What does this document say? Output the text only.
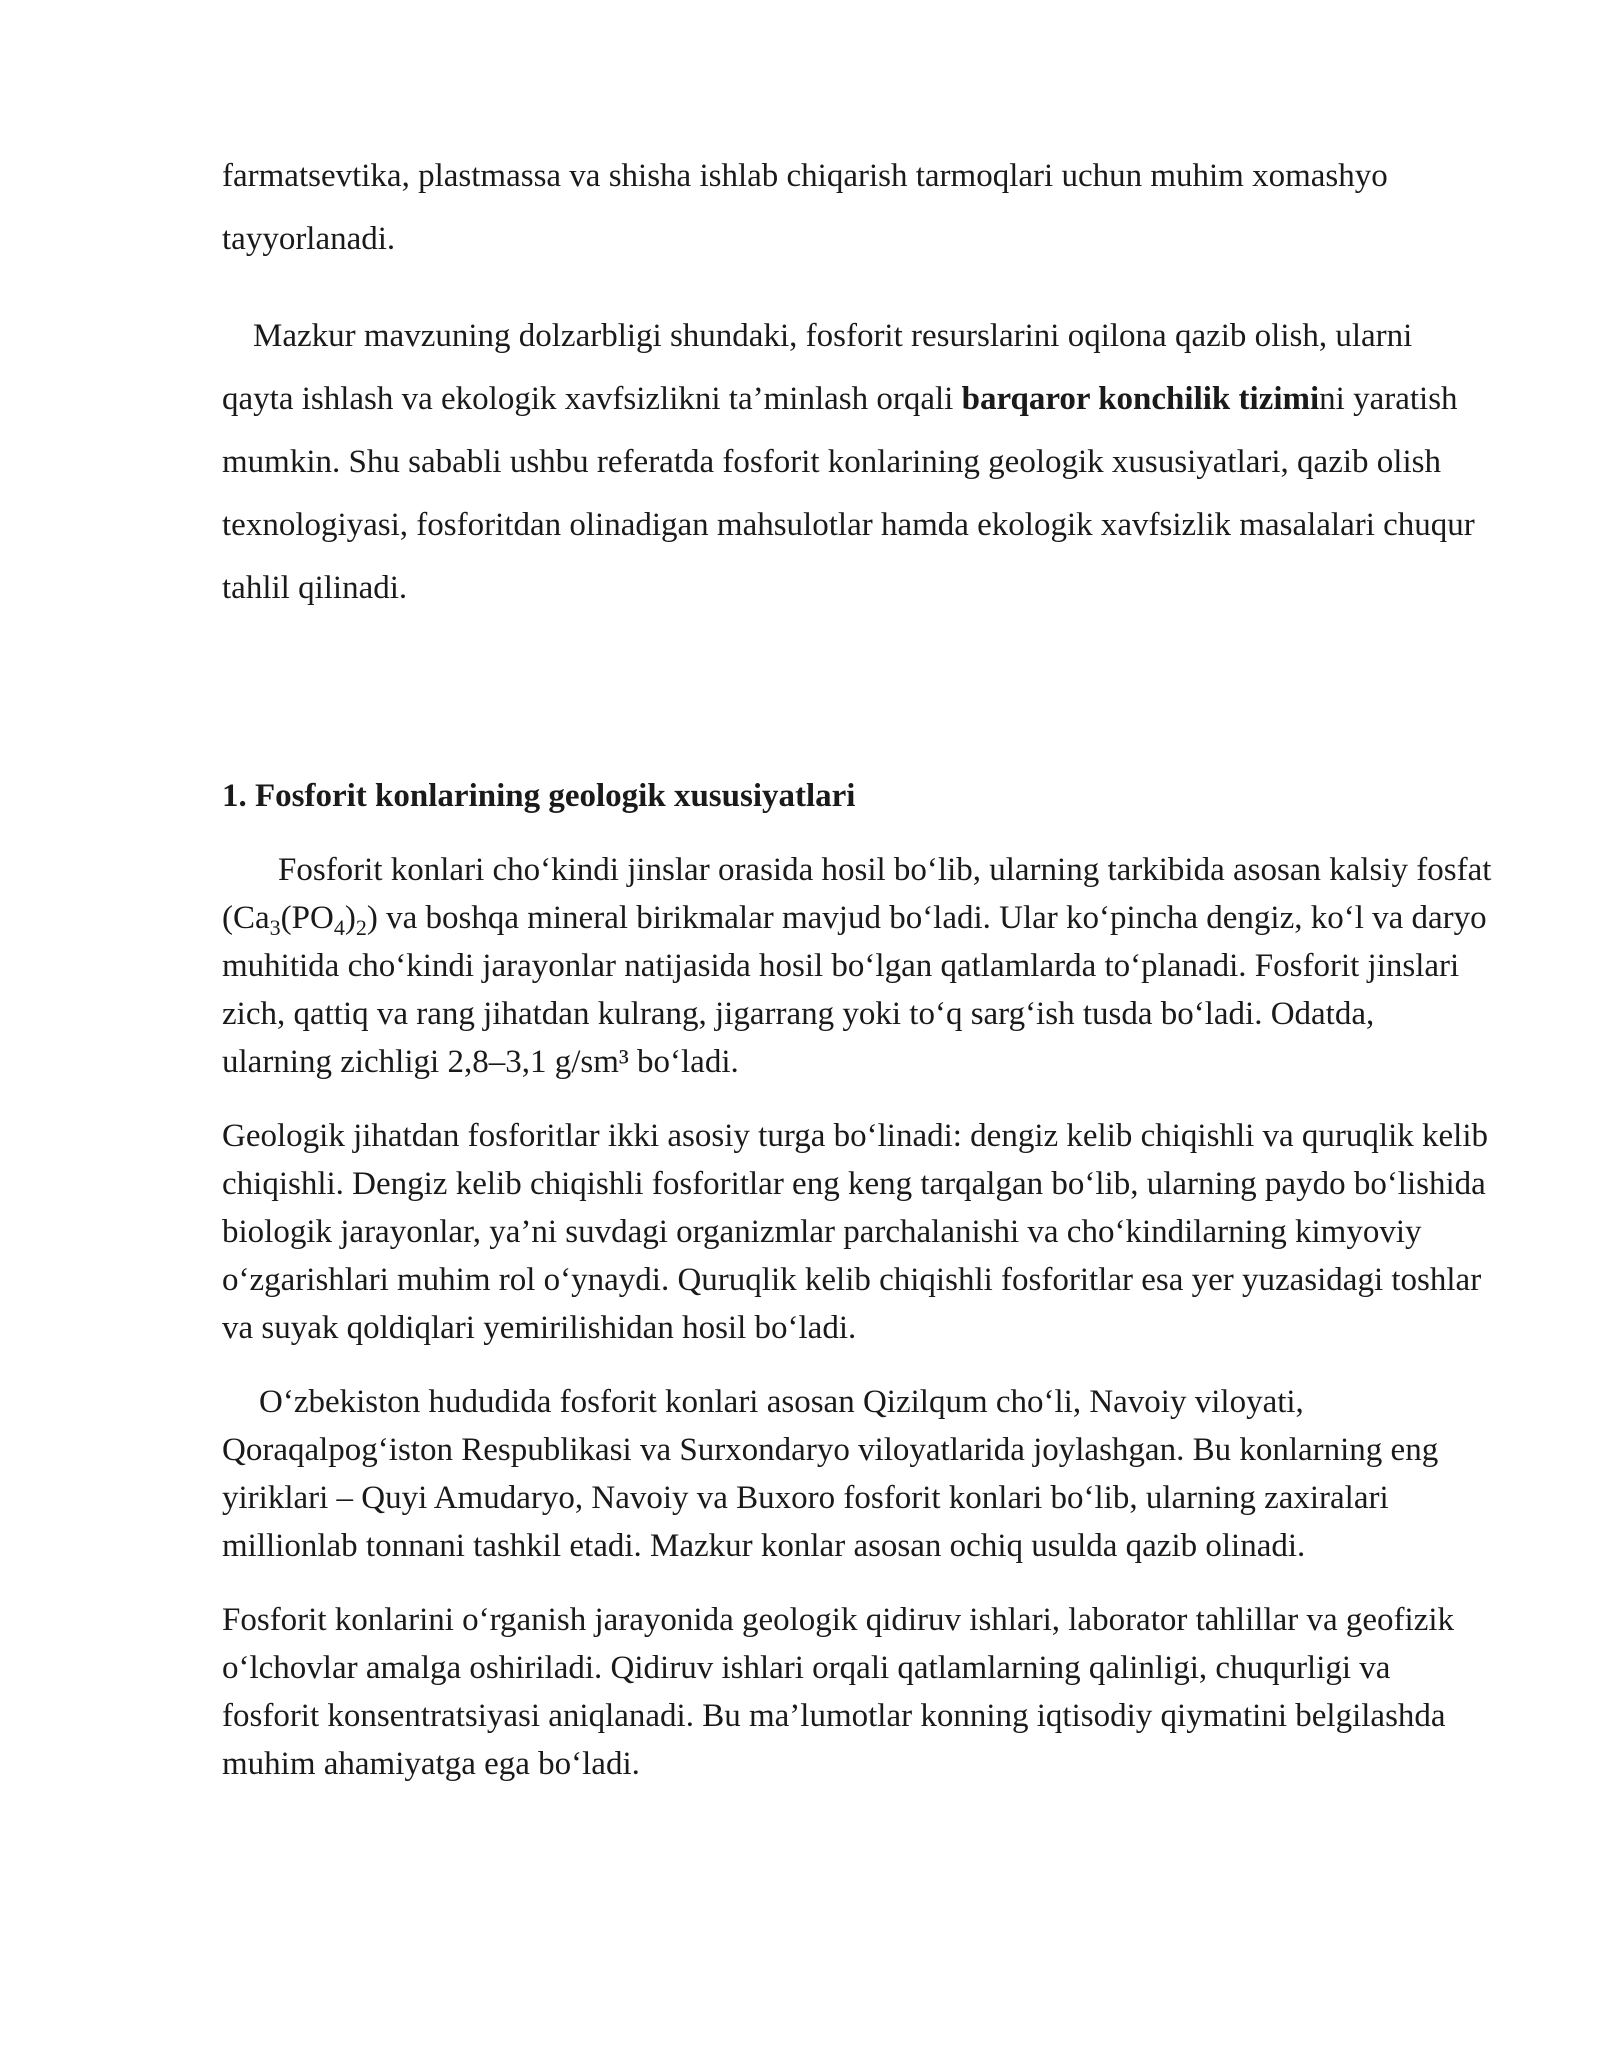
farmatsevtika, plastmassa va shisha ishlab chiqarish tarmoqlari uchun muhim xomashyo tayyorlanadi.

Mazkur mavzuning dolzarbligi shundaki, fosforit resurslarini oqilona qazib olish, ularni qayta ishlash va ekologik xavfsizlikni ta’minlash orqali barqaror konchilik tizimini yaratish mumkin. Shu sababli ushbu referatda fosforit konlarining geologik xususiyatlari, qazib olish texnologiyasi, fosforitdan olinadigan mahsulotlar hamda ekologik xavfsizlik masalalari chuqur tahlil qilinadi.

1. Fosforit konlarining geologik xususiyatlari

Fosforit konlari cho‘kindi jinslar orasida hosil bo‘lib, ularning tarkibida asosan kalsiy fosfat $(Ca_3(PO_4)_2)$ va boshqa mineral birikmalar mavjud bo‘ladi. Ular ko‘pincha dengiz, ko‘l va daryo muhitida cho‘kindi jarayonlar natijasida hosil bo‘lgan qatlamlarda to‘planadi. Fosforit jinslari zich, qattiq va rang jihatdan kulrang, jigarrang yoki to‘q sarg‘ish tusda bo‘ladi. Odatda, ularning zichligi 2,8–3,1 g/sm³ bo‘ladi.

Geologik jihatdan fosforitlar ikki asosiy turga bo‘linadi: dengiz kelib chiqishli va quruqlik kelib chiqishli. Dengiz kelib chiqishli fosforitlar eng keng tarqalgan bo‘lib, ularning paydo bo‘lishida biologik jarayonlar, ya’ni suvdagi organizmlar parchalanishi va cho‘kindilarning kimyoviy o‘zgarishlari muhim rol o‘ynaydi. Quruqlik kelib chiqishli fosforitlar esa yer yuzasidagi toshlar va suyak qoldiqlari yemirilishidan hosil bo‘ladi.

O‘zbekiston hududida fosforit konlari asosan Qizilqum cho‘li, Navoiy viloyati, Qoraqalpog‘iston Respublikasi va Surxondaryo viloyatlarida joylashgan. Bu konlarning eng yiriklari – Quyi Amudaryo, Navoiy va Buxoro fosforit konlari bo‘lib, ularning zaxiralari millionlab tonnani tashkil etadi. Mazkur konlar asosan ochiq usulda qazib olinadi.

Fosforit konlarini o‘rganish jarayonida geologik qidiruv ishlari, laborator tahlillar va geofizik o‘lchovlar amalga oshiriladi. Qidiruv ishlari orqali qatlamlarning qalinligi, chuqurligi va fosforit konsentratsiyasi aniqlanadi. Bu ma’lumotlar konning iqtisodiy qiymatini belgilashda muhim ahamiyatga ega bo‘ladi.
